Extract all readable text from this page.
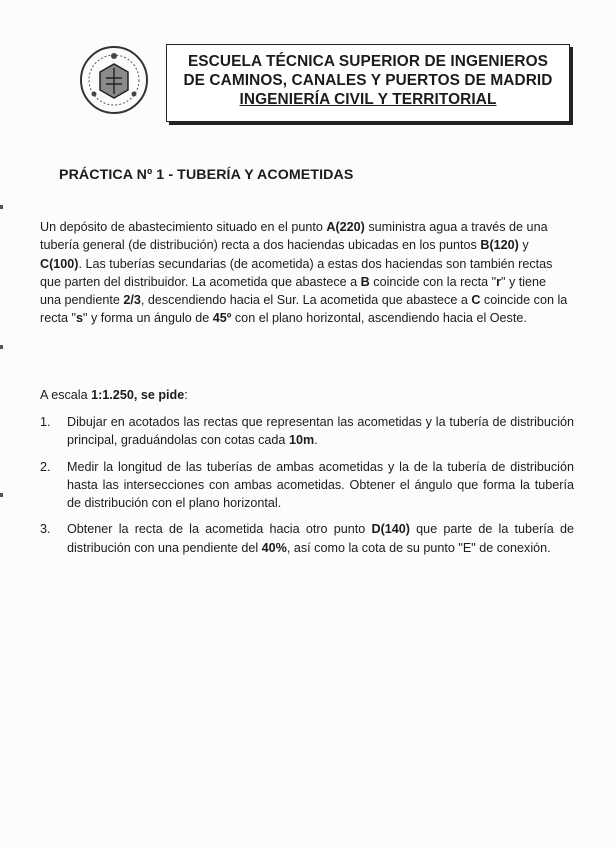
ESCUELA TÉCNICA SUPERIOR DE INGENIEROS
DE CAMINOS, CANALES Y PUERTOS DE MADRID
INGENIERÍA CIVIL Y TERRITORIAL
PRÁCTICA Nº 1 - TUBERÍA Y ACOMETIDAS

Un depósito de abastecimiento situado en el punto A(220) suministra agua a través de una tubería general (de distribución) recta a dos haciendas ubicadas en los puntos B(120) y C(100). Las tuberías secundarias (de acometida) a estas dos haciendas son también rectas que parten del distribuidor. La acometida que abastece a B coincide con la recta "r" y tiene una pendiente 2/3, descendiendo hacia el Sur. La acometida que abastece a C coincide con la recta "s" y forma un ángulo de 45º con el plano horizontal, ascendiendo hacia el Oeste.

A escala 1:1.250, se pide:
1. Dibujar en acotados las rectas que representan las acometidas y la tubería de distribución principal, graduándolas con cotas cada 10m.
2. Medir la longitud de las tuberías de ambas acometidas y la de la tubería de distribución hasta las intersecciones con ambas acometidas. Obtener el ángulo que forma la tubería de distribución con el plano horizontal.
3. Obtener la recta de la acometida hacia otro punto D(140) que parte de la tubería de distribución con una pendiente del 40%, así como la cota de su punto "E" de conexión.
